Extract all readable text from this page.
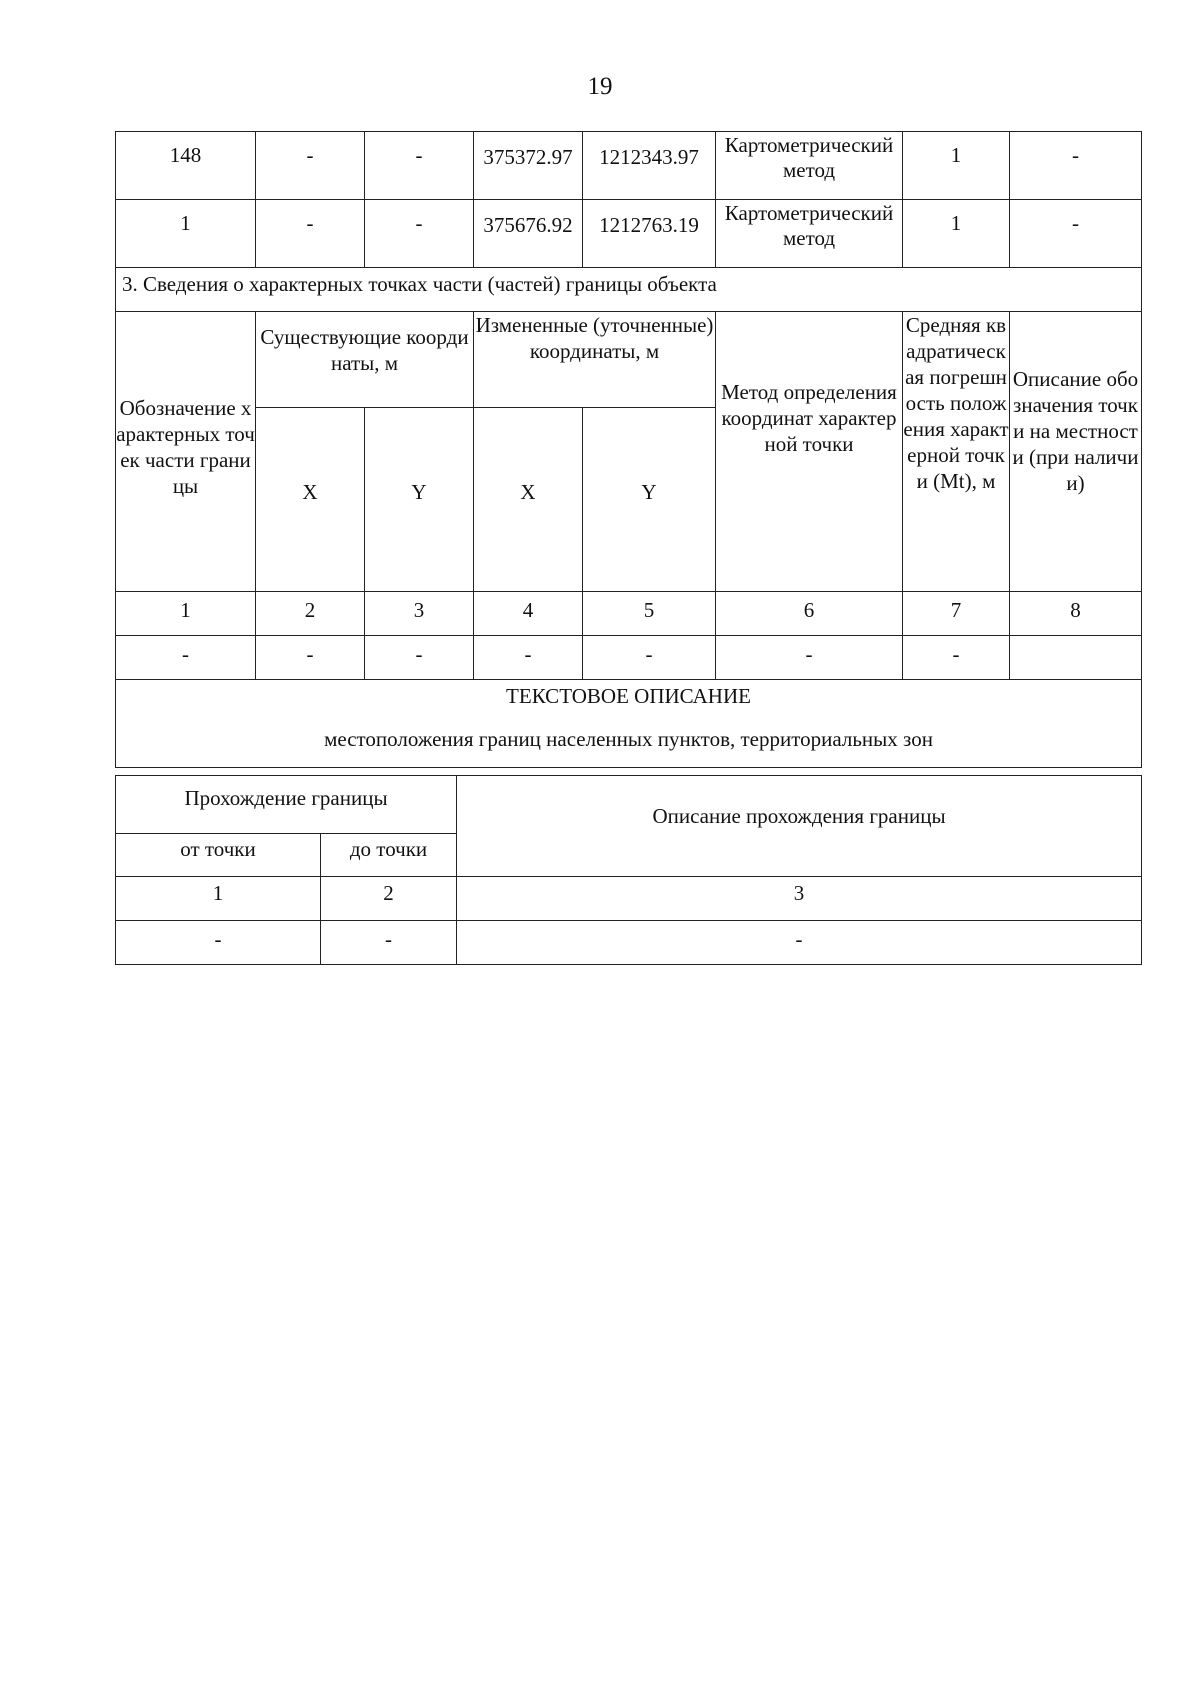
19
148	-	-	375372.97	1212343.97	Картометрический метод	1	-
1	-	-	375676.92	1212763.19	Картометрический метод	1	-
3. Сведения о характерных точках части (частей) границы объекта							
Обозначение характерных точек части границы	Существующие координаты, м		Измененные (уточненные) координаты, м		Метод определения координат характерной точки	Средняя квадратическая погрешность положения характерной точки (Mt), м	Описание обозначения точки на местности (при наличии)
	X	Y	X	Y			
1	2	3	4	5	6	7	8
-	-	-	-	-	-	-	

ТЕКСТОВОЕ ОПИСАНИЕ
местоположения границ населенных пунктов, территориальных зон							
Прохождение границы		Описание прохождения границы
от точки	до точки	
1	2	3
-	-	-
